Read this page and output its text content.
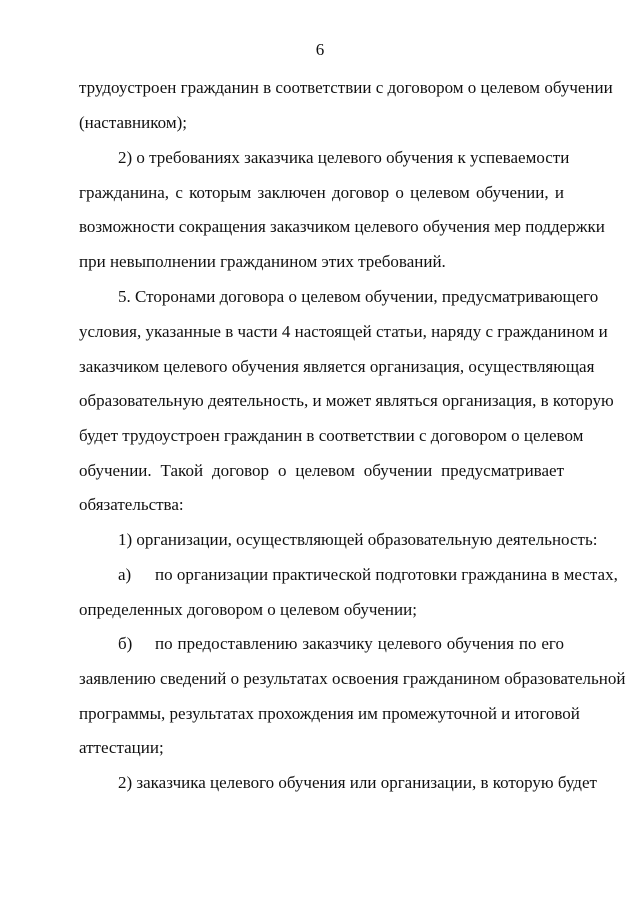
6
трудоустроен гражданин в соответствии с договором о целевом обучении
(наставником);
2) о требованиях заказчика целевого обучения к успеваемости
гражданина, с которым заключен договор о целевом обучении, и
возможности сокращения заказчиком целевого обучения мер поддержки
при невыполнении гражданином этих требований.
5. Сторонами договора о целевом обучении, предусматривающего
условия, указанные в части 4 настоящей статьи, наряду с гражданином и
заказчиком целевого обучения является организация, осуществляющая
образовательную деятельность, и может являться организация, в которую
будет трудоустроен гражданин в соответствии с договором о целевом
обучении. Такой договор о целевом обучении предусматривает
обязательства:
1) организации, осуществляющей образовательную деятельность:
а)	по организации практической подготовки гражданина в местах,
определенных договором о целевом обучении;
б)	по предоставлению заказчику целевого обучения по его
заявлению сведений о результатах освоения гражданином образовательной
программы, результатах прохождения им промежуточной и итоговой
аттестации;
2) заказчика целевого обучения или организации, в которую будет
